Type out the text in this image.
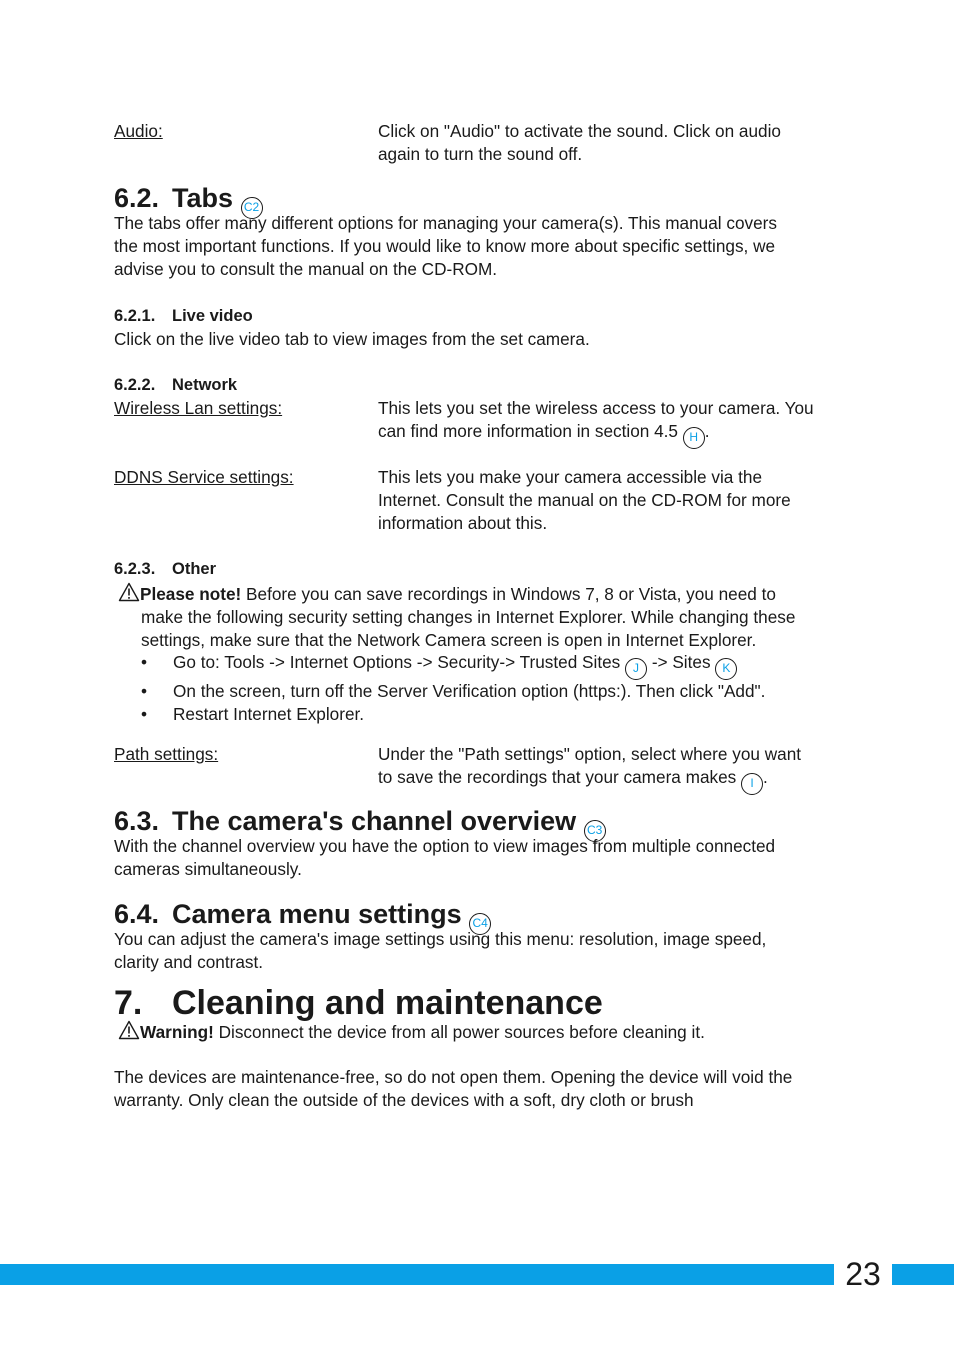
Audio:	Click on "Audio" to activate the sound. Click on audio
again to turn the sound off.
6.2. Tabs C2
The tabs offer many different options for managing your camera(s). This manual covers
the most important functions. If you would like to know more about specific settings, we
advise you to consult the manual on the CD-ROM.
6.2.1. Live video
Click on the live video tab to view images from the set camera.
6.2.2. Network
Wireless Lan settings:	This lets you set the wireless access to your camera. You
can find more information in section 4.5 H .
DDNS Service settings:	This lets you make your camera accessible via the
Internet. Consult the manual on the CD-ROM for more
information about this.
6.2.3. Other
Please note! Before you can save recordings in Windows 7, 8 or Vista, you need to
make the following security setting changes in Internet Explorer. While changing these
settings, make sure that the Network Camera screen is open in Internet Explorer.
• Go to: Tools -> Internet Options -> Security-> Trusted Sites J -> Sites K
• On the screen, turn off the Server Verification option (https:). Then click "Add".
• Restart Internet Explorer.
Path settings:	Under the "Path settings" option, select where you want
to save the recordings that your camera makes I .
6.3. The camera's channel overview C3
With the channel overview you have the option to view images from multiple connected
cameras simultaneously.
6.4. Camera menu settings C4
You can adjust the camera's image settings using this menu: resolution, image speed,
clarity and contrast.
7. Cleaning and maintenance
Warning! Disconnect the device from all power sources before cleaning it.
The devices are maintenance-free, so do not open them. Opening the device will void the
warranty. Only clean the outside of the devices with a soft, dry cloth or brush
23
